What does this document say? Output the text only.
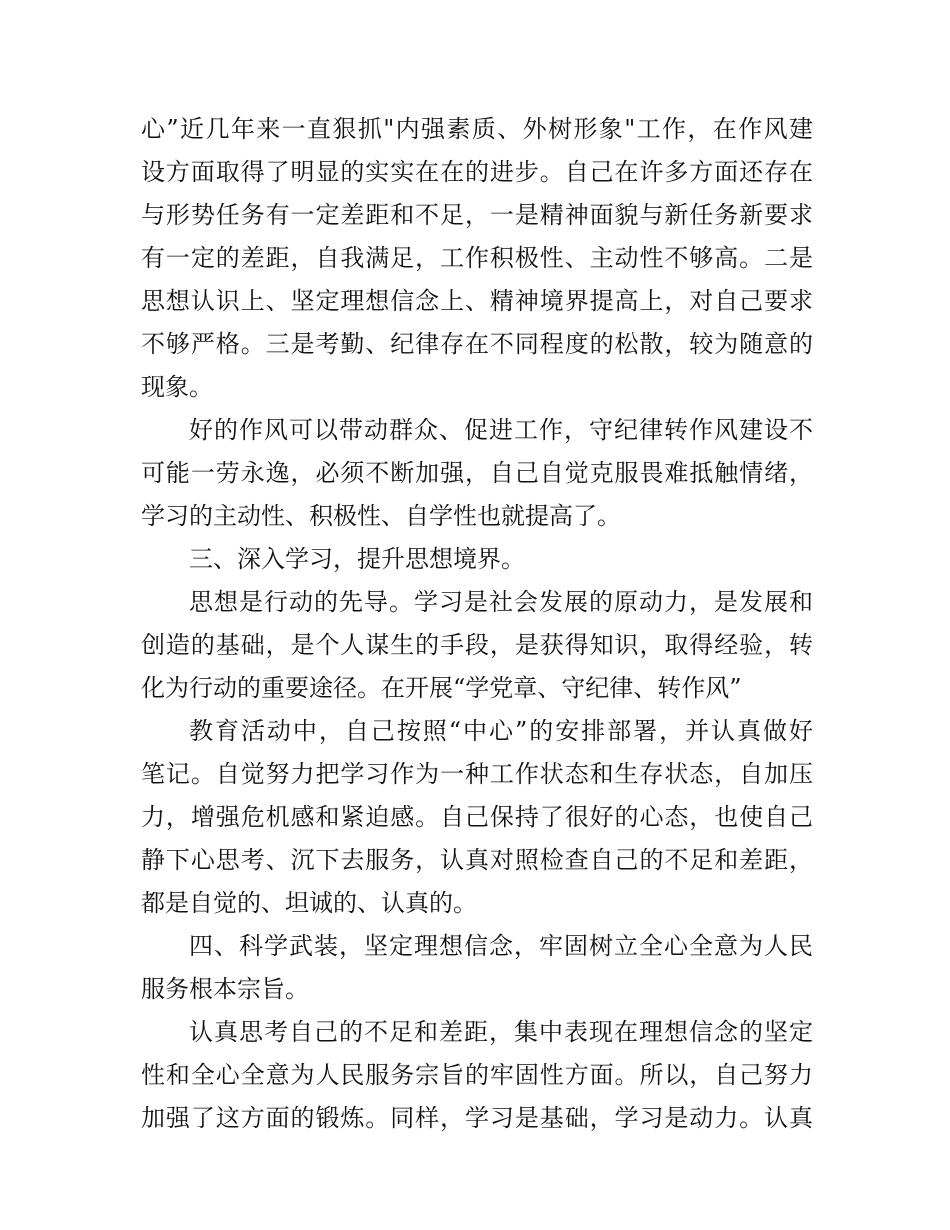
心”近几年来一直狠抓"内强素质、外树形象"工作，在作风建
设方面取得了明显的实实在在的进步。自己在许多方面还存在
与形势任务有一定差距和不足，一是精神面貌与新任务新要求
有一定的差距，自我满足，工作积极性、主动性不够高。二是
思想认识上、坚定理想信念上、精神境界提高上，对自己要求
不够严格。三是考勤、纪律存在不同程度的松散，较为随意的
现象。
好的作风可以带动群众、促进工作，守纪律转作风建设不
可能一劳永逸，必须不断加强，自己自觉克服畏难抵触情绪，
学习的主动性、积极性、自学性也就提高了。
三、深入学习，提升思想境界。
思想是行动的先导。学习是社会发展的原动力，是发展和
创造的基础，是个人谋生的手段，是获得知识，取得经验，转
化为行动的重要途径。在开展“学党章、守纪律、转作风”
教育活动中，自己按照“中心”的安排部署，并认真做好
笔记。自觉努力把学习作为一种工作状态和生存状态，自加压
力，增强危机感和紧迫感。自己保持了很好的心态，也使自己
静下心思考、沉下去服务，认真对照检查自己的不足和差距，
都是自觉的、坦诚的、认真的。
四、科学武装，坚定理想信念，牢固树立全心全意为人民
服务根本宗旨。
认真思考自己的不足和差距，集中表现在理想信念的坚定
性和全心全意为人民服务宗旨的牢固性方面。所以，自己努力
加强了这方面的锻炼。同样，学习是基础，学习是动力。认真
